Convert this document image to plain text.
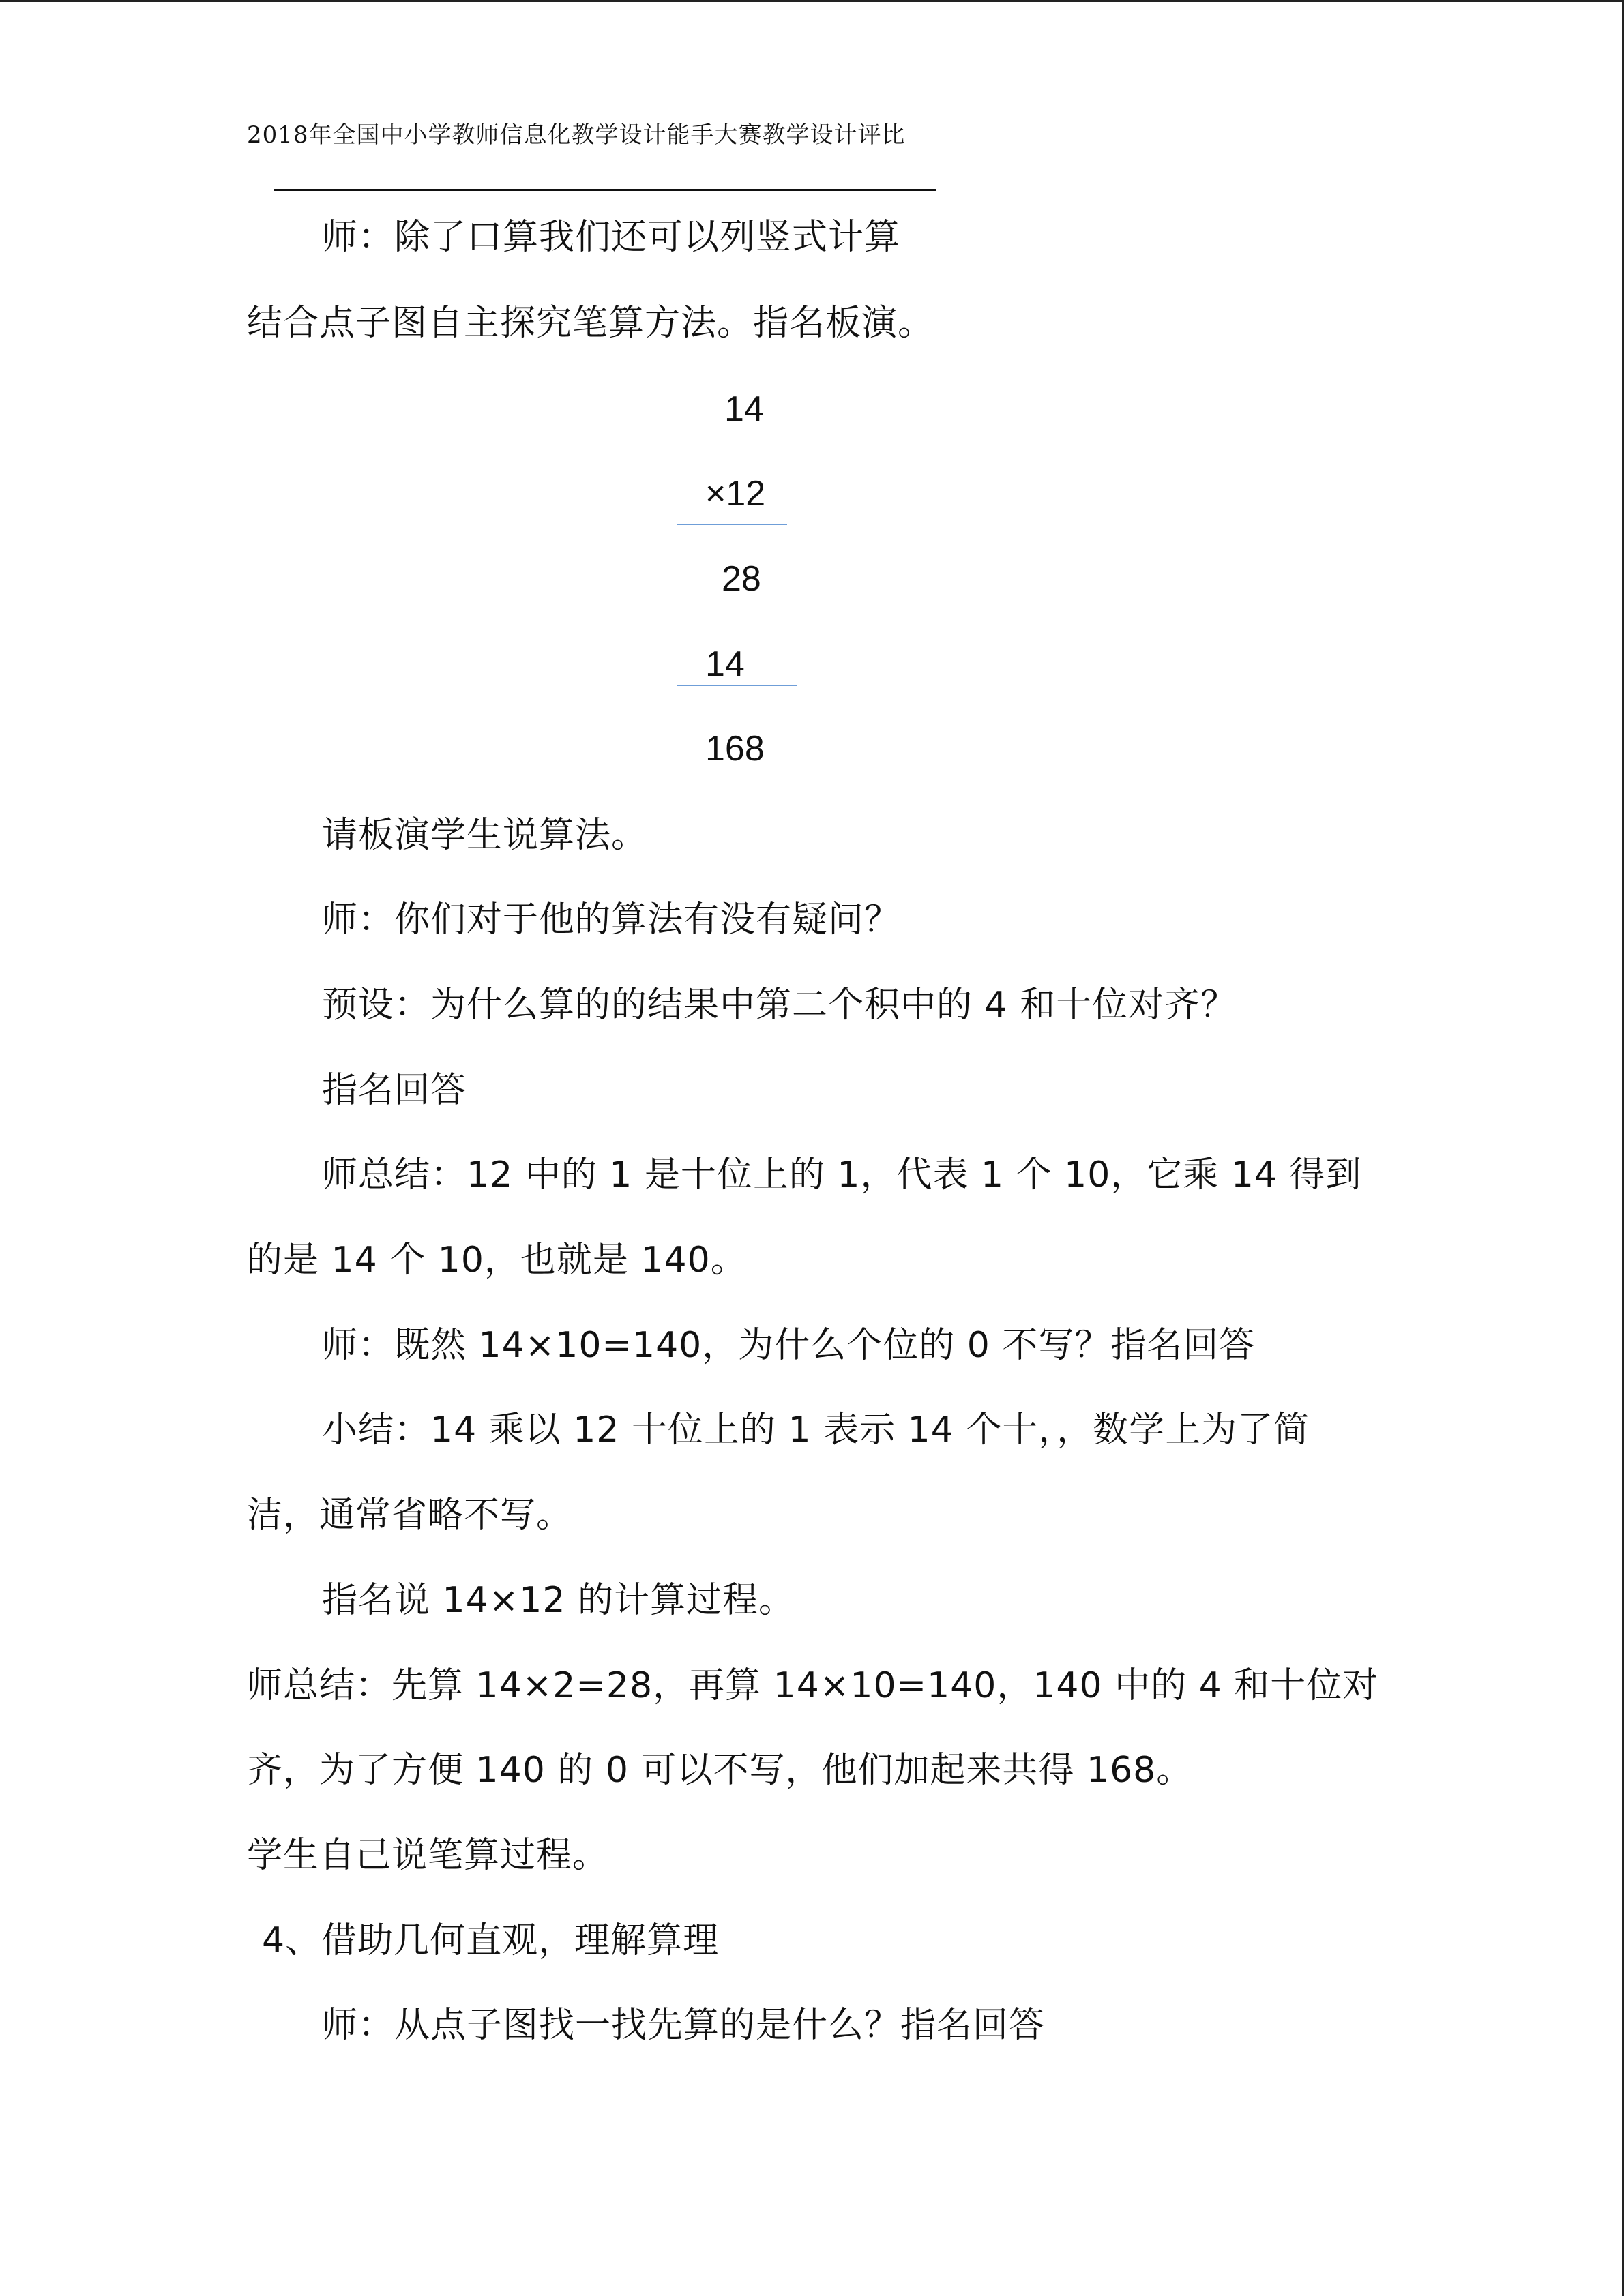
2018年全国中小学教师信息化教学设计能手大赛教学设计评比
师：除了口算我们还可以列竖式计算
结合点子图自主探究笔算方法。指名板演。
14
×12
28
14
168
请板演学生说算法。
师：你们对于他的算法有没有疑问？
预设：为什么算的的结果中第二个积中的 4 和十位对齐？
指名回答
师总结：12 中的 1 是十位上的 1，代表 1 个 10，它乘 14 得到
的是 14 个 10，也就是 140。
师：既然 14×10=140，为什么个位的 0 不写？指名回答
小结：14 乘以 12 十位上的 1 表示 14 个十，，数学上为了简
洁，通常省略不写。
指名说 14×12 的计算过程。
师总结：先算 14×2=28，再算 14×10=140，140 中的 4 和十位对
齐，为了方便 140 的 0 可以不写，他们加起来共得 168。
学生自己说笔算过程。
4、借助几何直观，理解算理
师：从点子图找一找先算的是什么？指名回答
